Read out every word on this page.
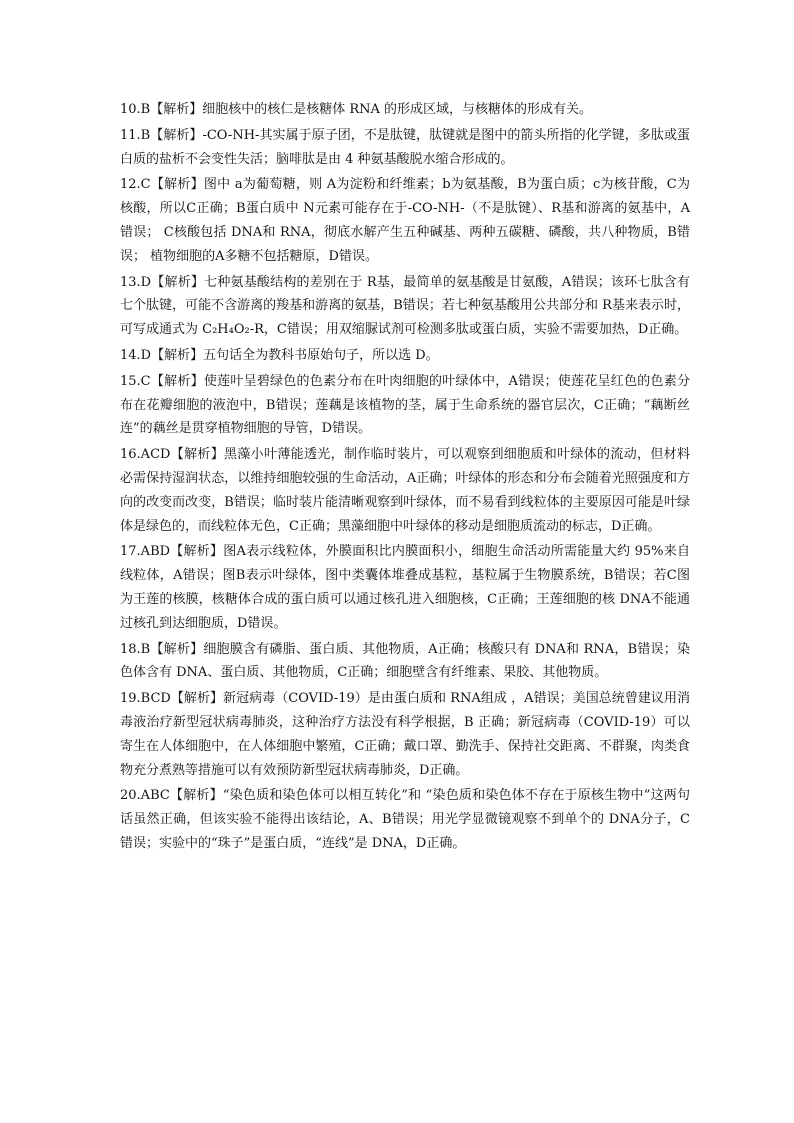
10.B【解析】细胞核中的核仁是核糖体 RNA 的形成区域，与核糖体的形成有关。

11.B【解析】-CO-NH-其实属于原子团，不是肽键，肽键就是图中的箭头所指的化学键，多肽或蛋白质的盐析不会变性失活；脑啡肽是由 4 种氨基酸脱水缩合形成的。

12.C【解析】图中 a为葡萄糖，则 A为淀粉和纤维素；b为氨基酸，B为蛋白质；c为核苷酸，C为核酸，所以C正确；B蛋白质中 N元素可能存在于-CO-NH-（不是肽键）、R基和游离的氨基中，A错误； C核酸包括 DNA和 RNA，彻底水解产生五种碱基、两种五碳糖、磷酸，共八种物质，B错误； 植物细胞的A多糖不包括糖原，D错误。

13.D【解析】七种氨基酸结构的差别在于 R基，最简单的氨基酸是甘氨酸，A错误；该环七肽含有七个肽键，可能不含游离的羧基和游离的氨基，B错误；若七种氨基酸用公共部分和 R基来表示时，可写成通式为 C₂H₄O₂-R，C错误；用双缩脲试剂可检测多肽或蛋白质，实验不需要加热，D正确。

14.D【解析】五句话全为教科书原始句子，所以选 D。

15.C【解析】使莲叶呈碧绿色的色素分布在叶肉细胞的叶绿体中，A错误；使莲花呈红色的色素分布在花瓣细胞的液泡中，B错误；莲藕是该植物的茎，属于生命系统的器官层次，C正确；“藕断丝连”的藕丝是贯穿植物细胞的导管，D错误。

16.ACD【解析】黑藻小叶薄能透光，制作临时装片，可以观察到细胞质和叶绿体的流动，但材料必需保持湿润状态，以维持细胞较强的生命活动，A正确；叶绿体的形态和分布会随着光照强度和方向的改变而改变，B错误；临时装片能清晰观察到叶绿体，而不易看到线粒体的主要原因可能是叶绿体是绿色的，而线粒体无色，C正确；黑藻细胞中叶绿体的移动是细胞质流动的标志，D正确。

17.ABD【解析】图A表示线粒体，外膜面积比内膜面积小，细胞生命活动所需能量大约 95%来自线粒体，A错误；图B表示叶绿体，图中类囊体堆叠成基粒，基粒属于生物膜系统，B错误；若C图为王莲的核膜，核糖体合成的蛋白质可以通过核孔进入细胞核，C正确；王莲细胞的核 DNA不能通过核孔到达细胞质，D错误。

18.B【解析】细胞膜含有磷脂、蛋白质、其他物质，A正确；核酸只有 DNA和 RNA，B错误；染色体含有 DNA、蛋白质、其他物质，C正确；细胞壁含有纤维素、果胶、其他物质。

19.BCD【解析】新冠病毒（COVID-19）是由蛋白质和 RNA组成 ，A错误；美国总统曾建议用消毒液治疗新型冠状病毒肺炎，这种治疗方法没有科学根据，B 正确；新冠病毒（COVID-19）可以寄生在人体细胞中，在人体细胞中繁殖，C正确；戴口罩、勤洗手、保持社交距离、不群聚，肉类食物充分煮熟等措施可以有效预防新型冠状病毒肺炎，D正确。

20.ABC【解析】“染色质和染色体可以相互转化”和 “染色质和染色体不存在于原核生物中”这两句话虽然正确，但该实验不能得出该结论，A、B错误；用光学显微镜观察不到单个的 DNA分子，C错误；实验中的“珠子”是蛋白质，“连线”是 DNA，D正确。
